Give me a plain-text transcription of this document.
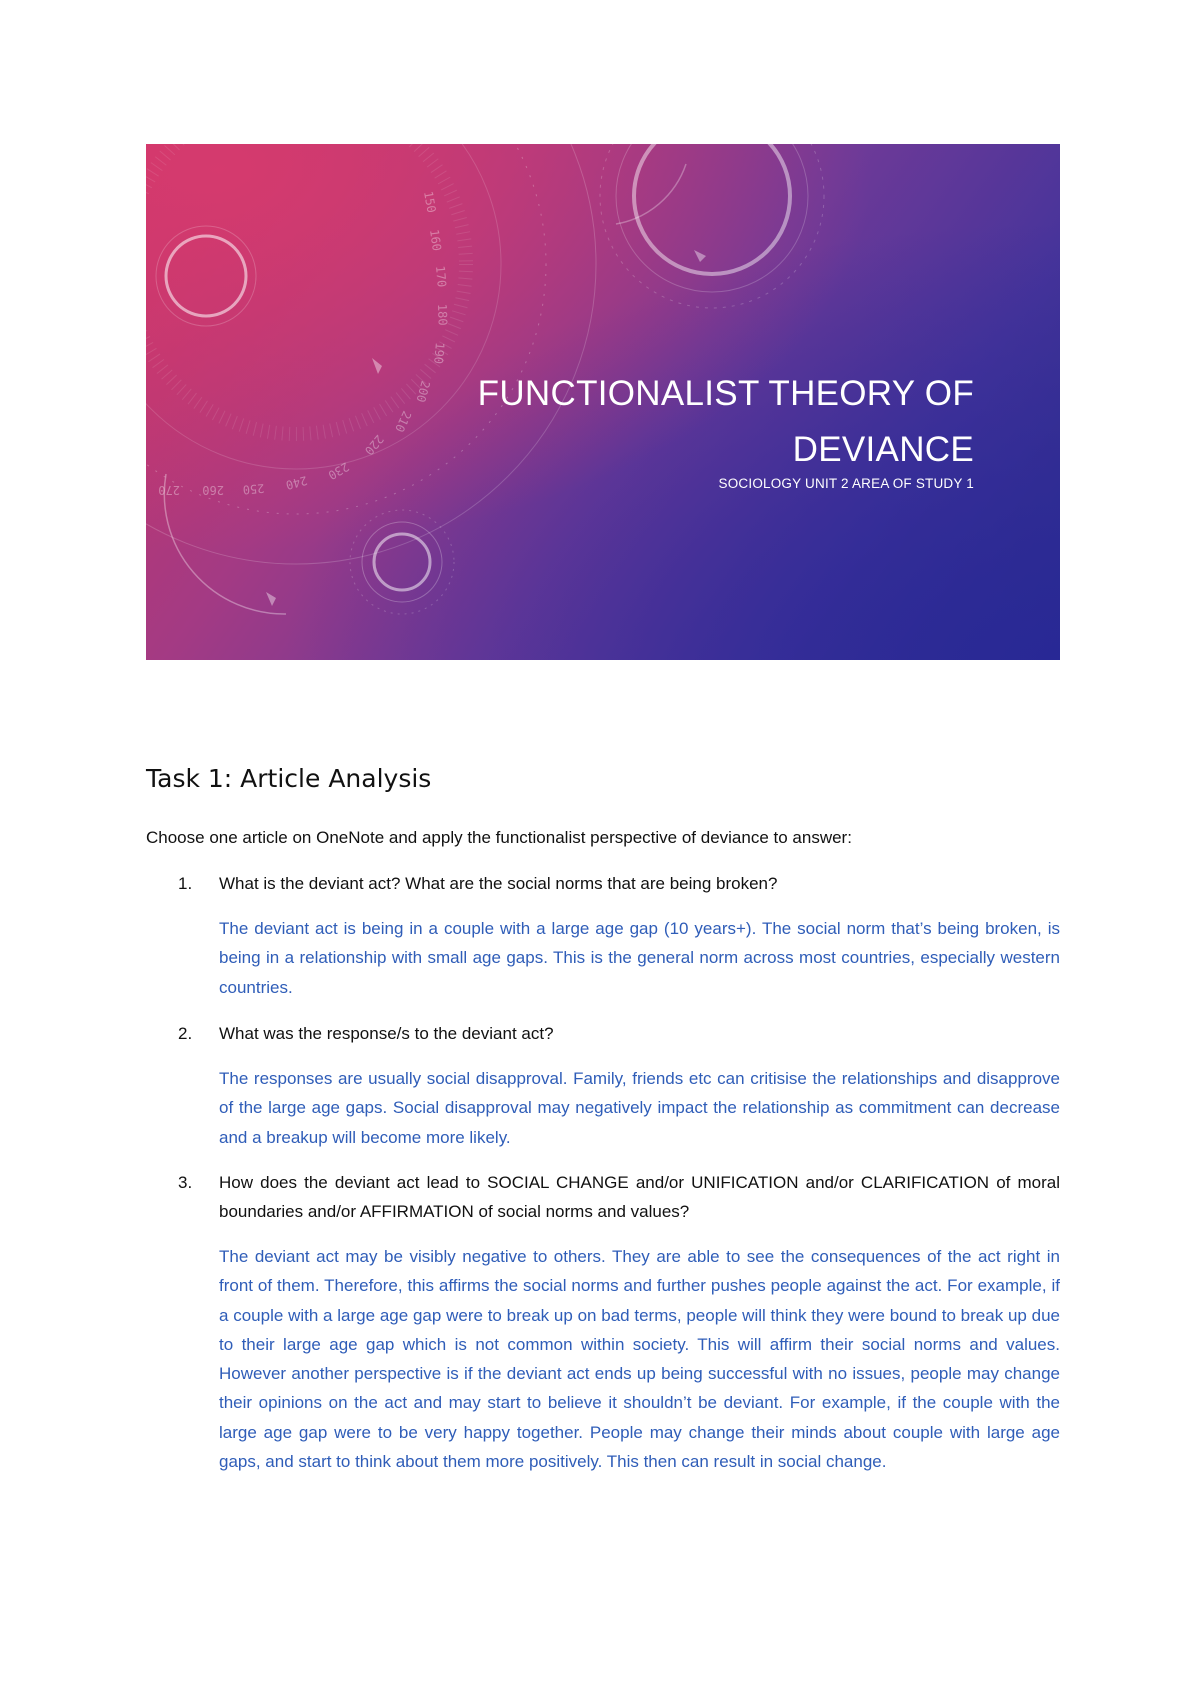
150
160
170
180
190
200
210
220
230
240
250
260
270
FUNCTIONALIST THEORY OF DEVIANCE
SOCIOLOGY UNIT 2 AREA OF STUDY 1
Task 1: Article Analysis
Choose one article on OneNote and apply the functionalist perspective of deviance to answer:
1. What is the deviant act? What are the social norms that are being broken?
The deviant act is being in a couple with a large age gap (10 years+). The social norm that’s being broken, is being in a relationship with small age gaps. This is the general norm across most countries, especially western countries.
2. What was the response/s to the deviant act?
The responses are usually social disapproval. Family, friends etc can critisise the relationships and disapprove of the large age gaps. Social disapproval may negatively impact the relationship as commitment can decrease and a breakup will become more likely.
3. How does the deviant act lead to SOCIAL CHANGE and/or UNIFICATION and/or CLARIFICATION of moral boundaries and/or AFFIRMATION of social norms and values?
The deviant act may be visibly negative to others. They are able to see the consequences of the act right in front of them. Therefore, this affirms the social norms and further pushes people against the act. For example, if a couple with a large age gap were to break up on bad terms, people will think they were bound to break up due to their large age gap which is not common within society. This will affirm their social norms and values. However another perspective is if the deviant act ends up being successful with no issues, people may change their opinions on the act and may start to believe it shouldn’t be deviant. For example, if the couple with the large age gap were to be very happy together. People may change their minds about couple with large age gaps, and start to think about them more positively. This then can result in social change.
